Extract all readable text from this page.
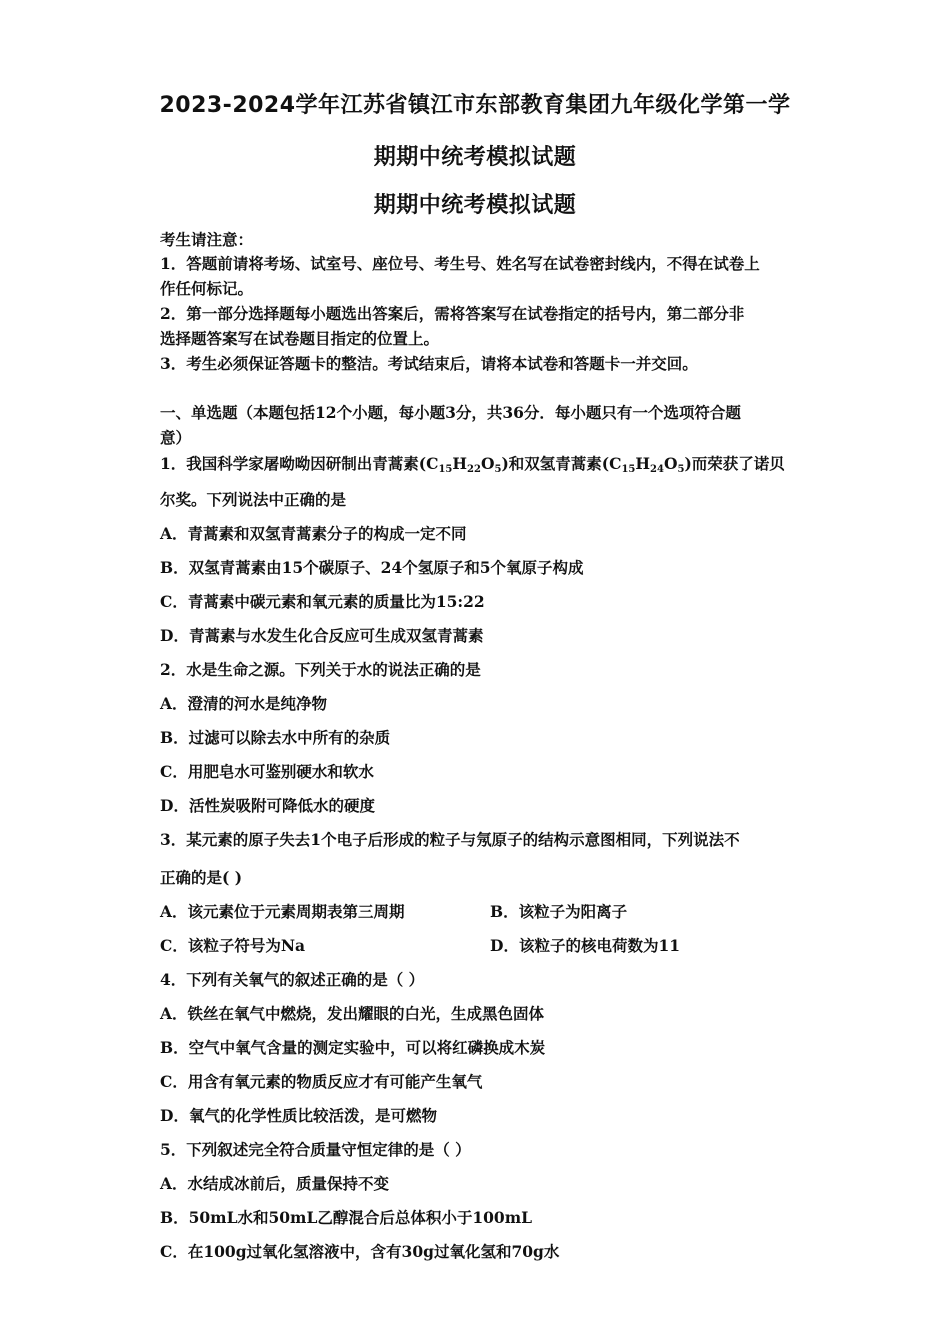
2023-2024学年江苏省镇江市东部教育集团九年级化学第一学
期期中统考模拟试题
期期中统考模拟试题
考生请注意：
1．答题前请将考场、试室号、座位号、考生号、姓名写在试卷密封线内，不得在试卷上
作任何标记。
2．第一部分选择题每小题选出答案后，需将答案写在试卷指定的括号内，第二部分非
选择题答案写在试卷题目指定的位置上。
3．考生必须保证答题卡的整洁。考试结束后，请将本试卷和答题卡一并交回。
一、单选题（本题包括12个小题，每小题3分，共36分．每小题只有一个选项符合题
意）
1．我国科学家屠呦呦因研制出青蒿素$(C_{15}H_{22}O_5)$和双氢青蒿素$(C_{15}H_{24}O_5)$而荣获了诺贝
尔奖。下列说法中正确的是
A．青蒿素和双氢青蒿素分子的构成一定不同
B．双氢青蒿素由15个碳原子、24个氢原子和5个氧原子构成
C．青蒿素中碳元素和氧元素的质量比为15:22
D．青蒿素与水发生化合反应可生成双氢青蒿素
2．水是生命之源。下列关于水的说法正确的是
A．澄清的河水是纯净物
B．过滤可以除去水中所有的杂质
C．用肥皂水可鉴别硬水和软水
D．活性炭吸附可降低水的硬度
3．某元素的原子失去1个电子后形成的粒子与氖原子的结构示意图相同，下列说法不
正确的是( )
A．该元素位于元素周期表第三周期	B．该粒子为阳离子
C．该粒子符号为Na	D．该粒子的核电荷数为11
4．下列有关氧气的叙述正确的是（ ）
A．铁丝在氧气中燃烧，发出耀眼的白光，生成黑色固体
B．空气中氧气含量的测定实验中，可以将红磷换成木炭
C．用含有氧元素的物质反应才有可能产生氧气
D．氧气的化学性质比较活泼，是可燃物
5．下列叙述完全符合质量守恒定律的是（ ）
A．水结成冰前后，质量保持不变
B．50mL水和50mL乙醇混合后总体积小于100mL
C．在100g过氧化氢溶液中，含有30g过氧化氢和70g水
